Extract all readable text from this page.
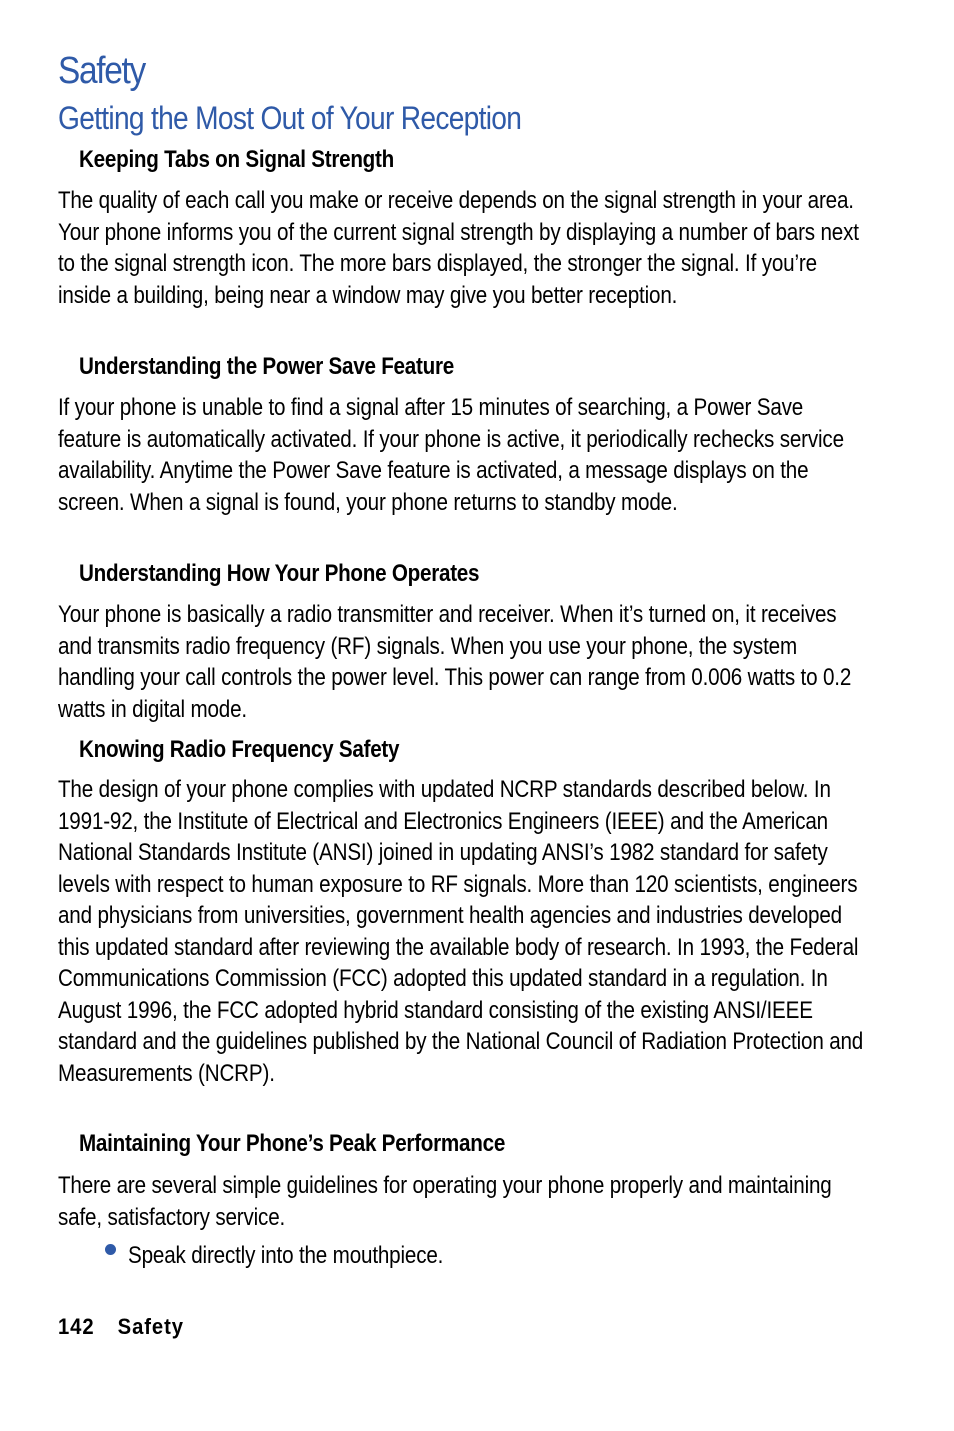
Safety
Getting the Most Out of Your Reception
Keeping Tabs on Signal Strength

The quality of each call you make or receive depends on the signal strength in your area. Your phone informs you of the current signal strength by displaying a number of bars next to the signal strength icon. The more bars displayed, the stronger the signal. If you’re inside a building, being near a window may give you better reception.

Understanding the Power Save Feature

If your phone is unable to find a signal after 15 minutes of searching, a Power Save feature is automatically activated. If your phone is active, it periodically rechecks service availability. Anytime the Power Save feature is activated, a message displays on the screen. When a signal is found, your phone returns to standby mode.

Understanding How Your Phone Operates

Your phone is basically a radio transmitter and receiver. When it’s turned on, it receives and transmits radio frequency (RF) signals. When you use your phone, the system handling your call controls the power level. This power can range from 0.006 watts to 0.2 watts in digital mode.

Knowing Radio Frequency Safety

The design of your phone complies with updated NCRP standards described below. In 1991-92, the Institute of Electrical and Electronics Engineers (IEEE) and the American National Standards Institute (ANSI) joined in updating ANSI’s 1982 standard for safety levels with respect to human exposure to RF signals. More than 120 scientists, engineers and physicians from universities, government health agencies and industries developed this updated standard after reviewing the available body of research. In 1993, the Federal Communications Commission (FCC) adopted this updated standard in a regulation. In August 1996, the FCC adopted hybrid standard consisting of the existing ANSI/IEEE standard and the guidelines published by the National Council of Radiation Protection and Measurements (NCRP).

Maintaining Your Phone’s Peak Performance

There are several simple guidelines for operating your phone properly and maintaining safe, satisfactory service.

Speak directly into the mouthpiece.
142 Safety
